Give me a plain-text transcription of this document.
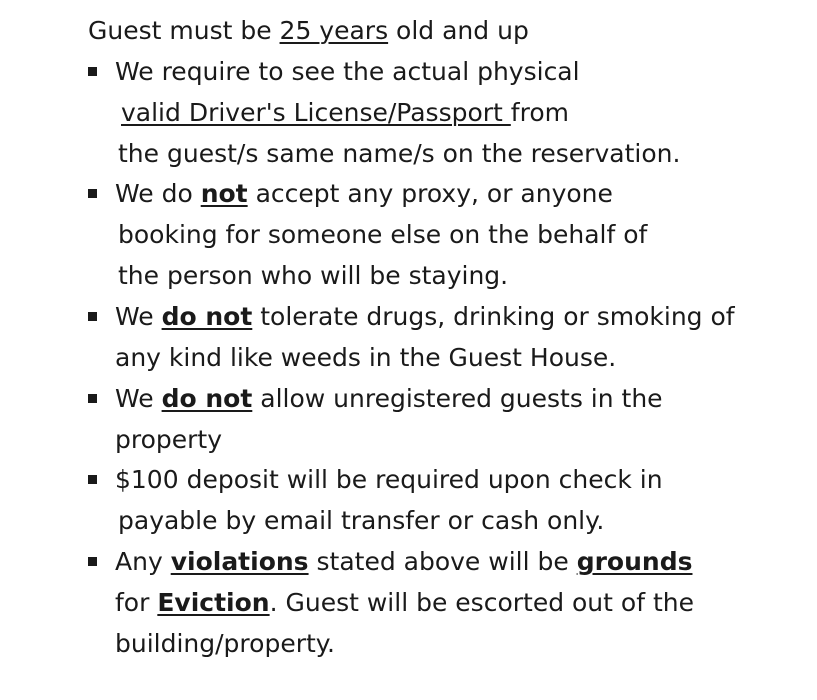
Guest must be 25 years old and up
We require to see the actual physical
valid Driver's License/Passport from
the guest/s same name/s on the reservation.
We do not accept any proxy, or anyone
booking for someone else on the behalf of
the person who will be staying.
We do not tolerate drugs, drinking or smoking of
any kind like weeds in the Guest House.
We do not allow unregistered guests in the
property
$100 deposit will be required upon check in
payable by email transfer or cash only.
Any violations stated above will be grounds
for Eviction. Guest will be escorted out of the
building/property.
